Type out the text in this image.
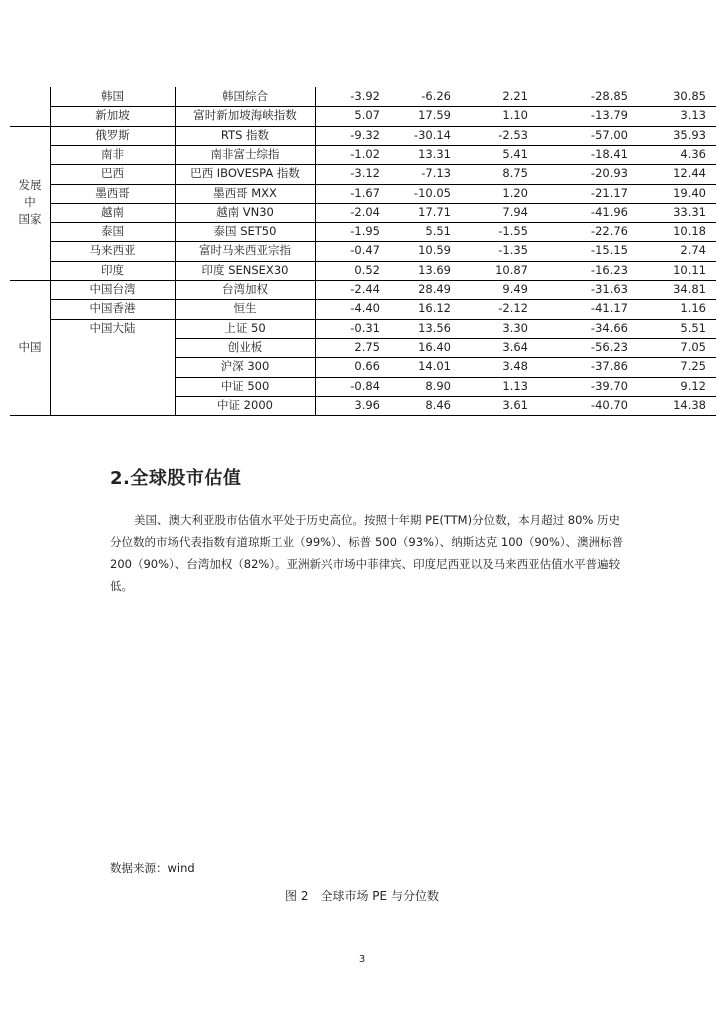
韩国	韩国综合	-3.92	-6.26	2.21	-28.85	30.85
新加坡	富时新加坡海峡指数	5.07	17.59	1.10	-13.79	3.13
俄罗斯	RTS 指数	-9.32	-30.14	-2.53	-57.00	35.93
南非	南非富士综指	-1.02	13.31	5.41	-18.41	4.36
巴西	巴西 IBOVESPA 指数	-3.12	-7.13	8.75	-20.93	12.44
墨西哥	墨西哥 MXX	-1.67	-10.05	1.20	-21.17	19.40
越南	越南 VN30	-2.04	17.71	7.94	-41.96	33.31
泰国	泰国 SET50	-1.95	5.51	-1.55	-22.76	10.18
马来西亚	富时马来西亚宗指	-0.47	10.59	-1.35	-15.15	2.74
印度	印度 SENSEX30	0.52	13.69	10.87	-16.23	10.11
发展
中
国家
中国台湾	台湾加权	-2.44	28.49	9.49	-31.63	34.81
中国香港	恒生	-4.40	16.12	-2.12	-41.17	1.16
中国大陆	上证 50	-0.31	13.56	3.30	-34.66	5.51
创业板	2.75	16.40	3.64	-56.23	7.05
沪深 300	0.66	14.01	3.48	-37.86	7.25
中证 500	-0.84	8.90	1.13	-39.70	9.12
中证 2000	3.96	8.46	3.61	-40.70	14.38
中国
2.全球股市估值
美国、澳大利亚股市估值水平处于历史高位。按照十年期 PE(TTM)分位数，本月超过 80% 历史分位数的市场代表指数有道琼斯工业（99%）、标普 500（93%）、纳斯达克 100（90%）、澳洲标普 200（90%）、台湾加权（82%）。亚洲新兴市场中菲律宾、印度尼西亚以及马来西亚估值水平普遍较低。
数据来源：wind
图 2　全球市场 PE 与分位数
3
